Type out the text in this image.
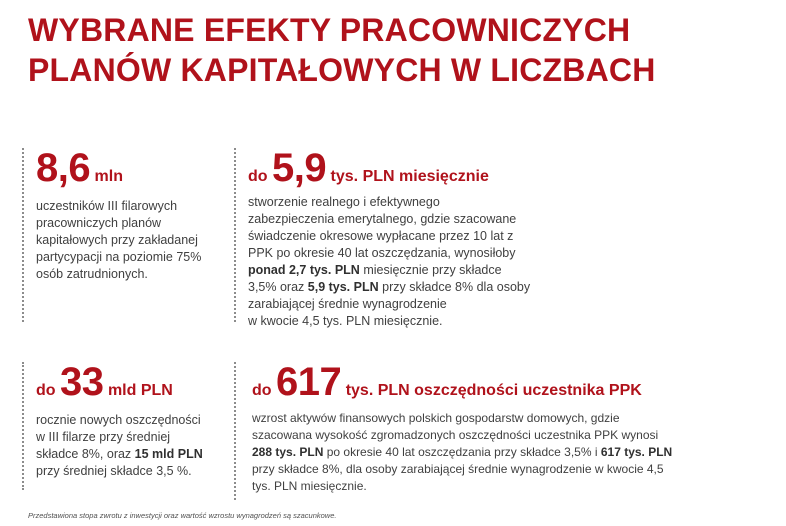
WYBRANE EFEKTY PRACOWNICZYCH
PLANÓW KAPITAŁOWYCH W LICZBACH
8,6 mln
uczestników III filarowych
pracowniczych planów
kapitałowych przy zakładanej
partycypacji na poziomie 75%
osób zatrudnionych.
do 5,9 tys. PLN miesięcznie
stworzenie realnego i efektywnego
zabezpieczenia emerytalnego, gdzie szacowane
świadczenie okresowe wypłacane przez 10 lat z
PPK po okresie 40 lat oszczędzania, wynosiłoby
ponad 2,7 tys. PLN miesięcznie przy składce
3,5% oraz 5,9 tys. PLN przy składce 8% dla osoby
zarabiającej średnie wynagrodzenie
w kwocie 4,5 tys. PLN miesięcznie.
do 33 mld PLN
rocznie nowych oszczędności
w III filarze przy średniej
składce 8%, oraz 15 mld PLN
przy średniej składce 3,5 %.
do 617 tys. PLN oszczędności uczestnika PPK
wzrost aktywów finansowych polskich gospodarstw domowych, gdzie
szacowana wysokość zgromadzonych oszczędności uczestnika PPK wynosi
288 tys. PLN po okresie 40 lat oszczędzania przy składce 3,5% i 617 tys. PLN
przy składce 8%, dla osoby zarabiającej średnie wynagrodzenie w kwocie 4,5
tys. PLN miesięcznie.
Przedstawiona stopa zwrotu z inwestycji oraz wartość wzrostu wynagrodzeń są szacunkowe.
